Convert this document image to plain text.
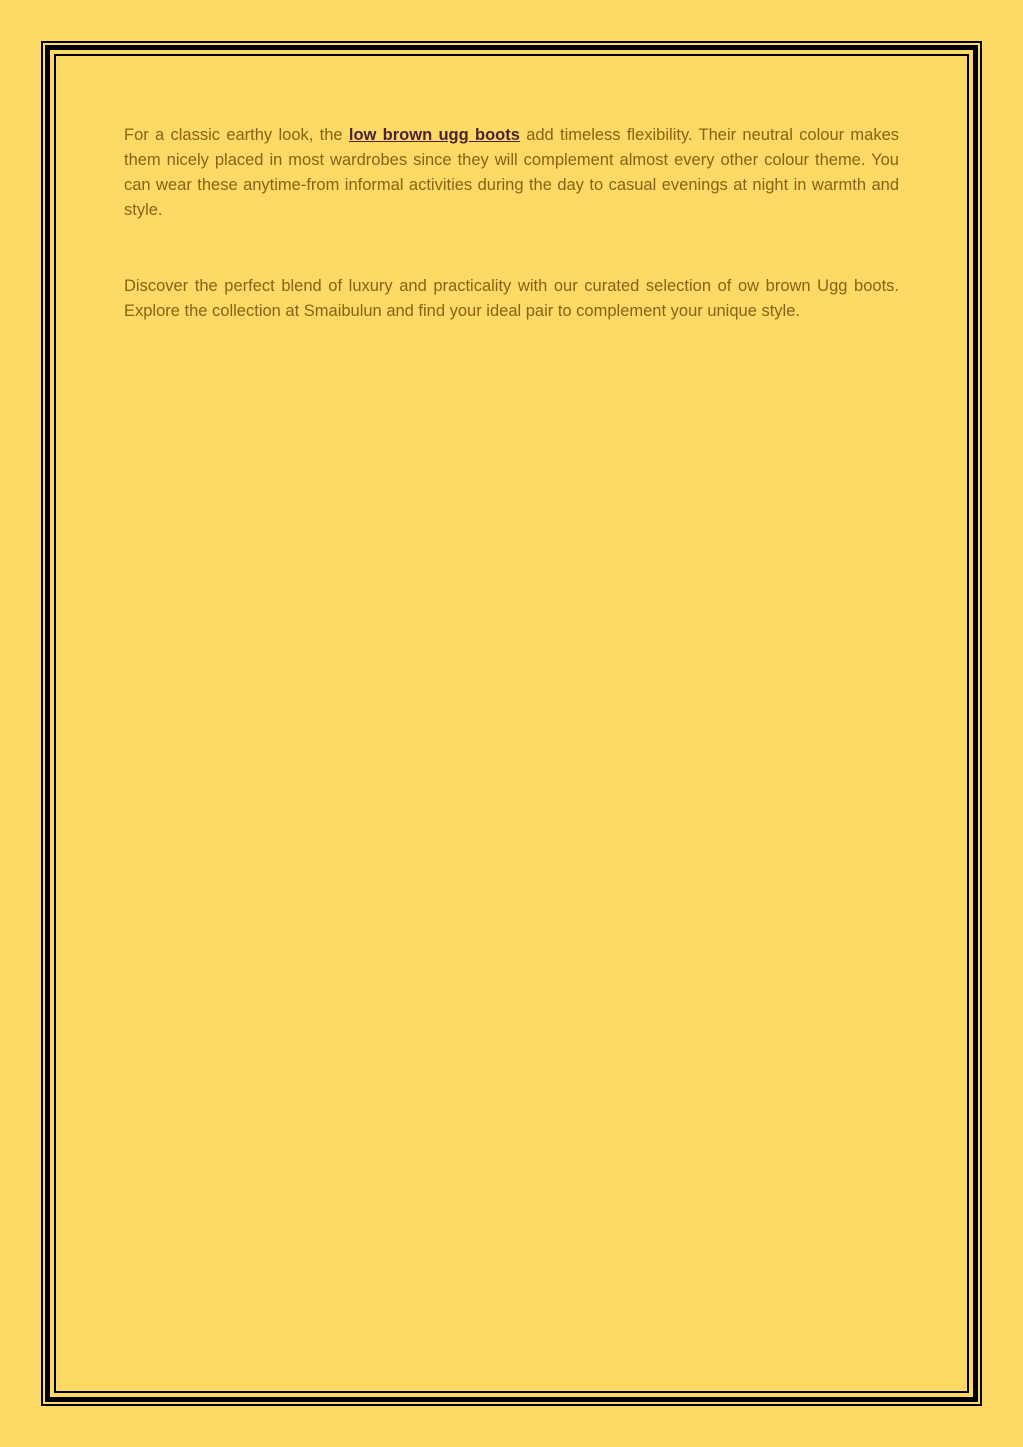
For a classic earthy look, the low brown ugg boots add timeless flexibility. Their neutral colour makes them nicely placed in most wardrobes since they will complement almost every other colour theme. You can wear these anytime-from informal activities during the day to casual evenings at night in warmth and style.

Discover the perfect blend of luxury and practicality with our curated selection of ow brown Ugg boots. Explore the collection at Smaibulun and find your ideal pair to complement your unique style.
